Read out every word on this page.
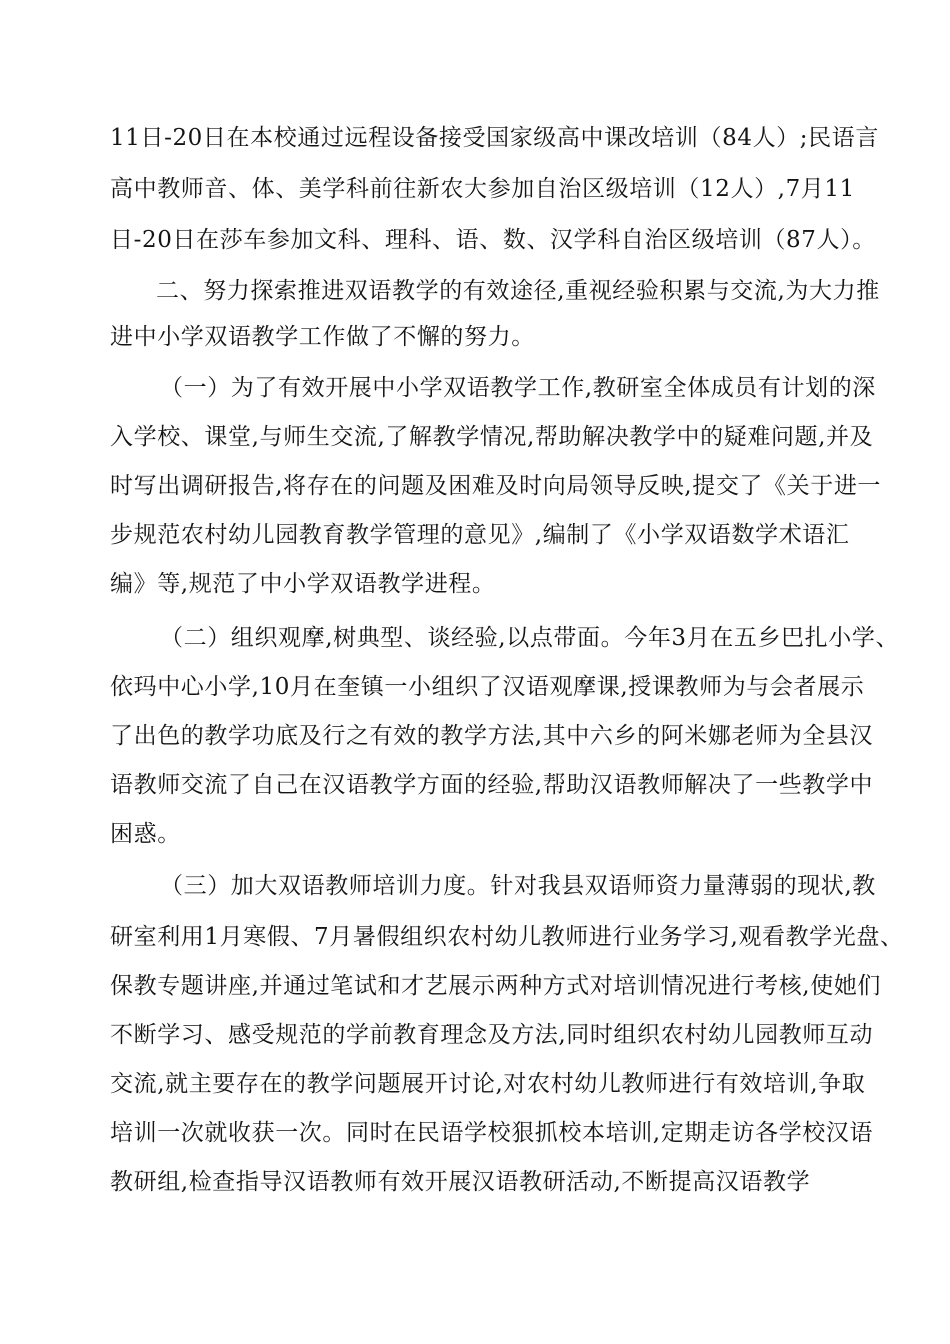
11日-20日在本校通过远程设备接受国家级高中课改培训（84人）;民语言
高中教师音、体、美学科前往新农大参加自治区级培训（12人）,7月11
日-20日在莎车参加文科、理科、语、数、汉学科自治区级培训（87人）。
二、努力探索推进双语教学的有效途径,重视经验积累与交流,为大力推
进中小学双语教学工作做了不懈的努力。
（一）为了有效开展中小学双语教学工作,教研室全体成员有计划的深
入学校、课堂,与师生交流,了解教学情况,帮助解决教学中的疑难问题,并及
时写出调研报告,将存在的问题及困难及时向局领导反映,提交了《关于进一
步规范农村幼儿园教育教学管理的意见》,编制了《小学双语数学术语汇
编》等,规范了中小学双语教学进程。
（二）组织观摩,树典型、谈经验,以点带面。今年3月在五乡巴扎小学、
依玛中心小学,10月在奎镇一小组织了汉语观摩课,授课教师为与会者展示
了出色的教学功底及行之有效的教学方法,其中六乡的阿米娜老师为全县汉
语教师交流了自己在汉语教学方面的经验,帮助汉语教师解决了一些教学中
困惑。
（三）加大双语教师培训力度。针对我县双语师资力量薄弱的现状,教
研室利用1月寒假、7月暑假组织农村幼儿教师进行业务学习,观看教学光盘、
保教专题讲座,并通过笔试和才艺展示两种方式对培训情况进行考核,使她们
不断学习、感受规范的学前教育理念及方法,同时组织农村幼儿园教师互动
交流,就主要存在的教学问题展开讨论,对农村幼儿教师进行有效培训,争取
培训一次就收获一次。同时在民语学校狠抓校本培训,定期走访各学校汉语
教研组,检查指导汉语教师有效开展汉语教研活动,不断提高汉语教学
